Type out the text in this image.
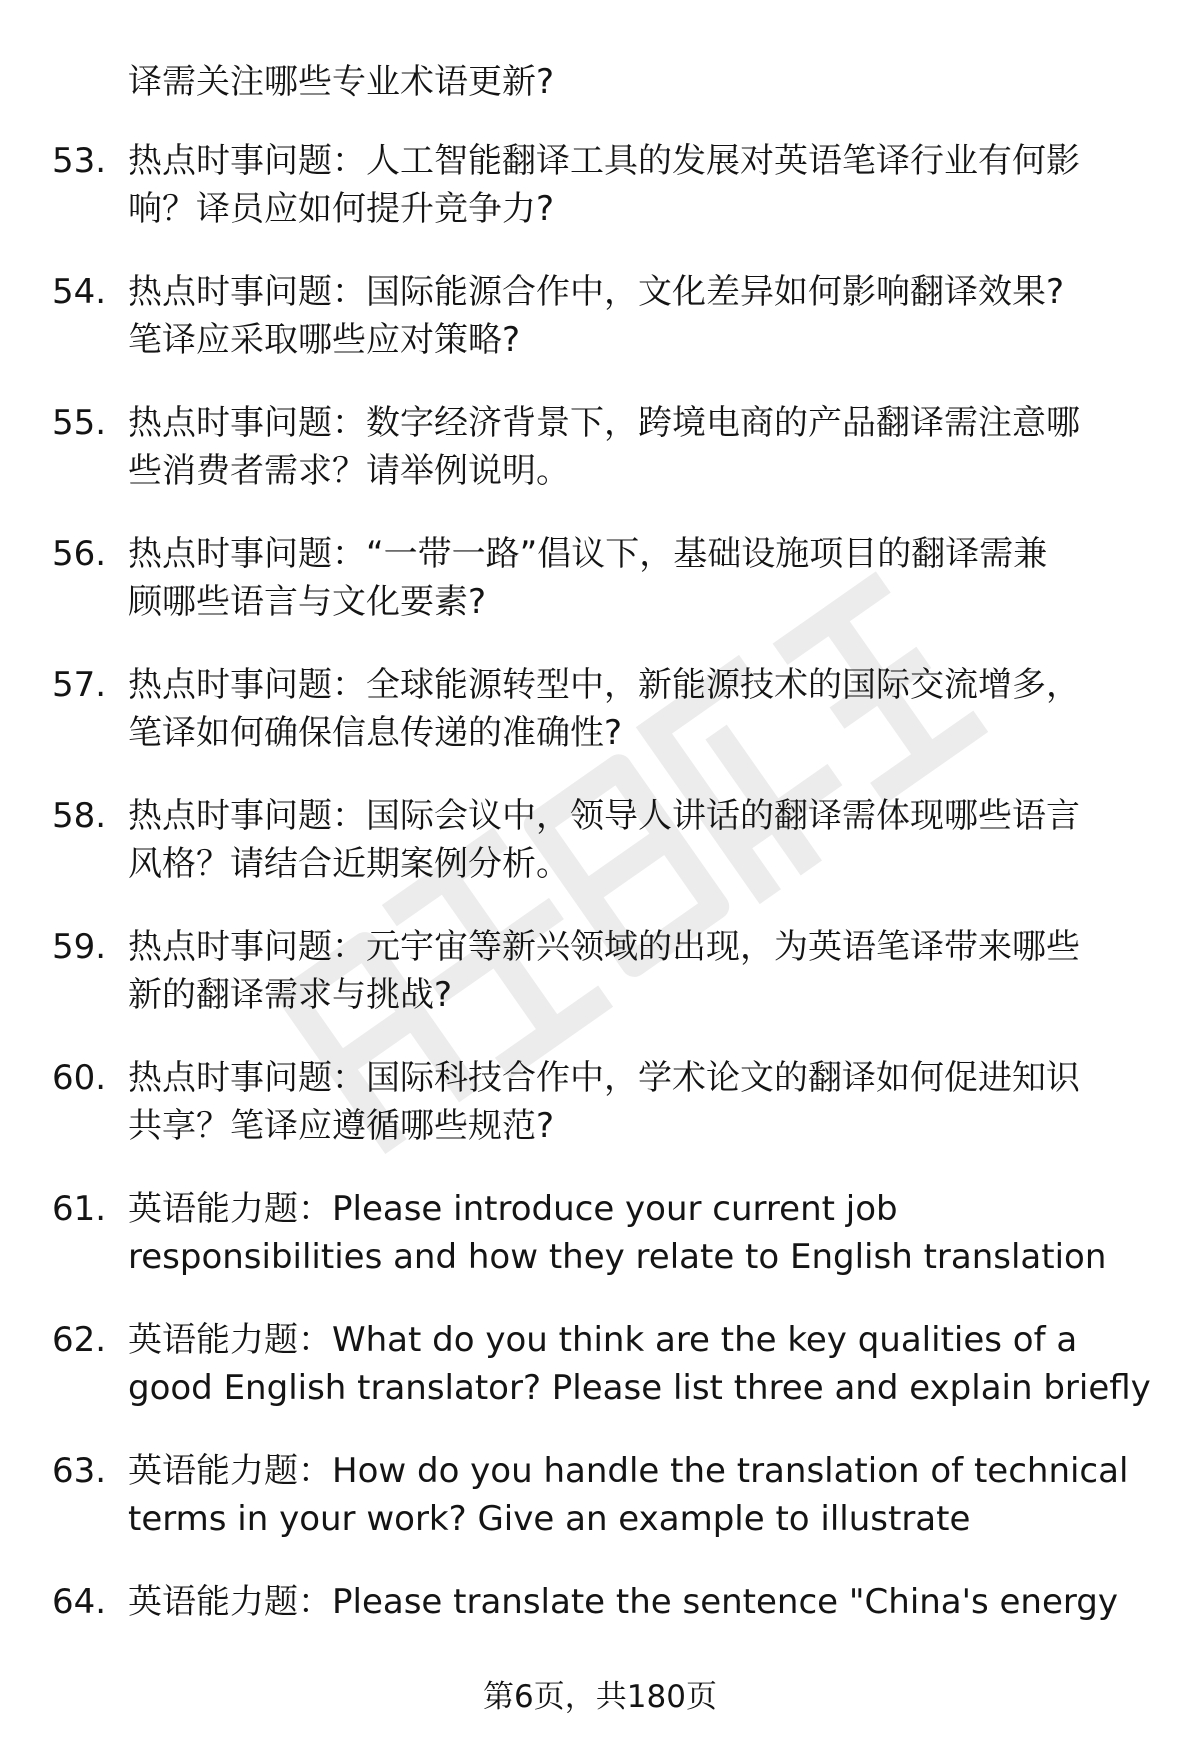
译需关注哪些专业术语更新?
53. 热点时事问题：人工智能翻译工具的发展对英语笔译行业有何影
响？译员应如何提升竞争力?
54. 热点时事问题：国际能源合作中，文化差异如何影响翻译效果?
笔译应采取哪些应对策略?
55. 热点时事问题：数字经济背景下，跨境电商的产品翻译需注意哪
些消费者需求？请举例说明。
56. 热点时事问题：“一带一路”倡议下，基础设施项目的翻译需兼
顾哪些语言与文化要素?
57. 热点时事问题：全球能源转型中，新能源技术的国际交流增多，
笔译如何确保信息传递的准确性?
58. 热点时事问题：国际会议中，领导人讲话的翻译需体现哪些语言
风格？请结合近期案例分析。
59. 热点时事问题：元宇宙等新兴领域的出现，为英语笔译带来哪些
新的翻译需求与挑战?
60. 热点时事问题：国际科技合作中，学术论文的翻译如何促进知识
共享？笔译应遵循哪些规范?
61. 英语能力题：Please introduce your current job
responsibilities and how they relate to English translation
62. 英语能力题：What do you think are the key qualities of a
good English translator? Please list three and explain briefly
63. 英语能力题：How do you handle the translation of technical
terms in your work? Give an example to illustrate
64. 英语能力题：Please translate the sentence "China's energy
第6页，共180页
